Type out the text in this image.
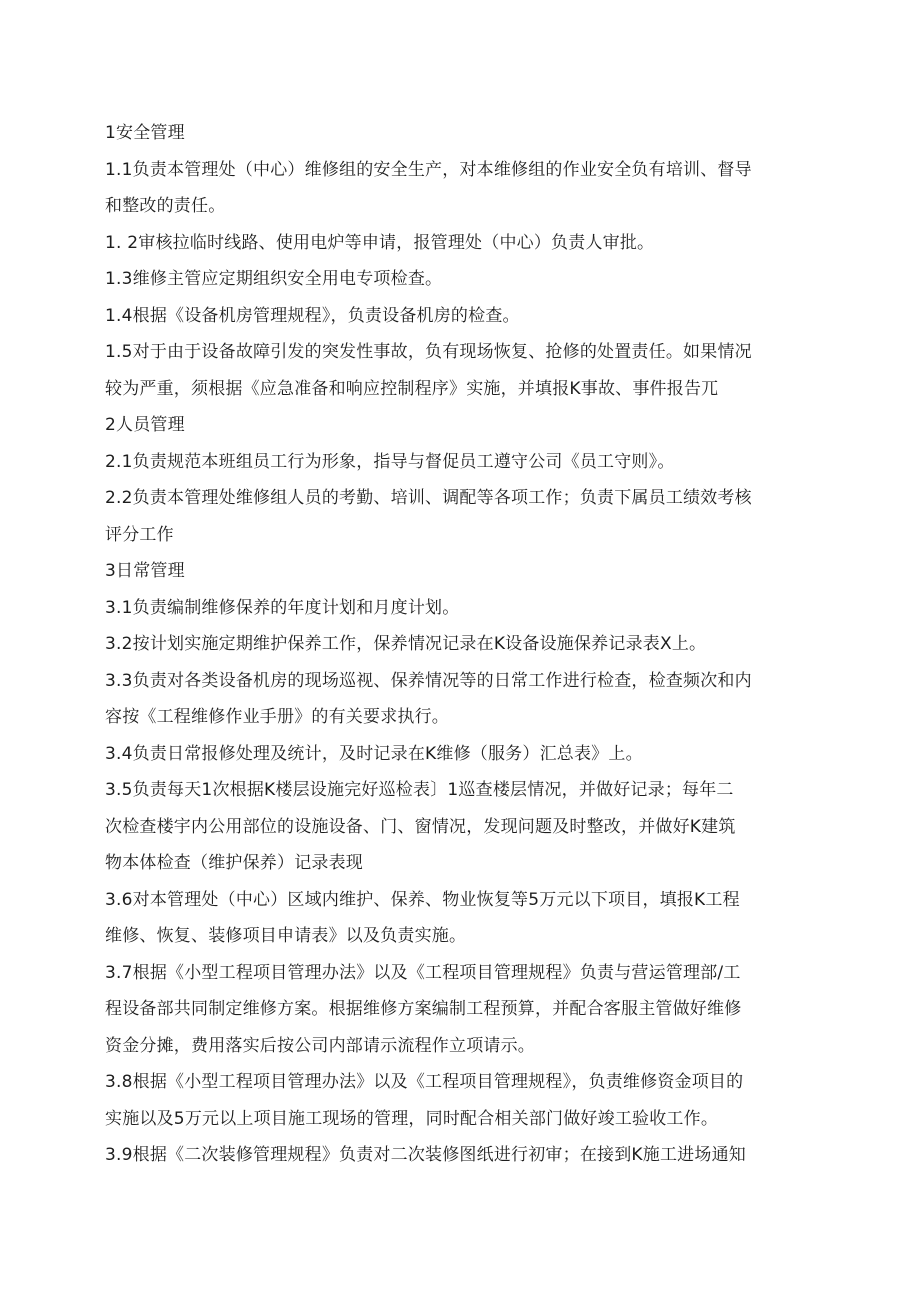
1安全管理
1.1负责本管理处（中心）维修组的安全生产，对本维修组的作业安全负有培训、督导
和整改的责任。
1. 2审核拉临时线路、使用电炉等申请，报管理处（中心）负责人审批。
1.3维修主管应定期组织安全用电专项检查。
1.4根据《设备机房管理规程》，负责设备机房的检查。
1.5对于由于设备故障引发的突发性事故，负有现场恢复、抢修的处置责任。如果情况
较为严重，须根据《应急准备和响应控制程序》实施，并填报K事故、事件报告兀
2人员管理
2.1负责规范本班组员工行为形象，指导与督促员工遵守公司《员工守则》。
2.2负责本管理处维修组人员的考勤、培训、调配等各项工作；负责下属员工绩效考核
评分工作
3日常管理
3.1负责编制维修保养的年度计划和月度计划。
3.2按计划实施定期维护保养工作，保养情况记录在K设备设施保养记录表X上。
3.3负责对各类设备机房的现场巡视、保养情况等的日常工作进行检查，检查频次和内
容按《工程维修作业手册》的有关要求执行。
3.4负责日常报修处理及统计，及时记录在K维修（服务）汇总表》上。
3.5负责每天1次根据K楼层设施完好巡检表〕1巡查楼层情况，并做好记录；每年二
次检查楼宇内公用部位的设施设备、门、窗情况，发现问题及时整改，并做好K建筑
物本体检查（维护保养）记录表现
3.6对本管理处（中心）区域内维护、保养、物业恢复等5万元以下项目，填报K工程
维修、恢复、装修项目申请表》以及负责实施。
3.7根据《小型工程项目管理办法》以及《工程项目管理规程》负责与营运管理部/工
程设备部共同制定维修方案。根据维修方案编制工程预算，并配合客服主管做好维修
资金分摊，费用落实后按公司内部请示流程作立项请示。
3.8根据《小型工程项目管理办法》以及《工程项目管理规程》，负责维修资金项目的
实施以及5万元以上项目施工现场的管理，同时配合相关部门做好竣工验收工作。
3.9根据《二次装修管理规程》负责对二次装修图纸进行初审；在接到K施工进场通知
